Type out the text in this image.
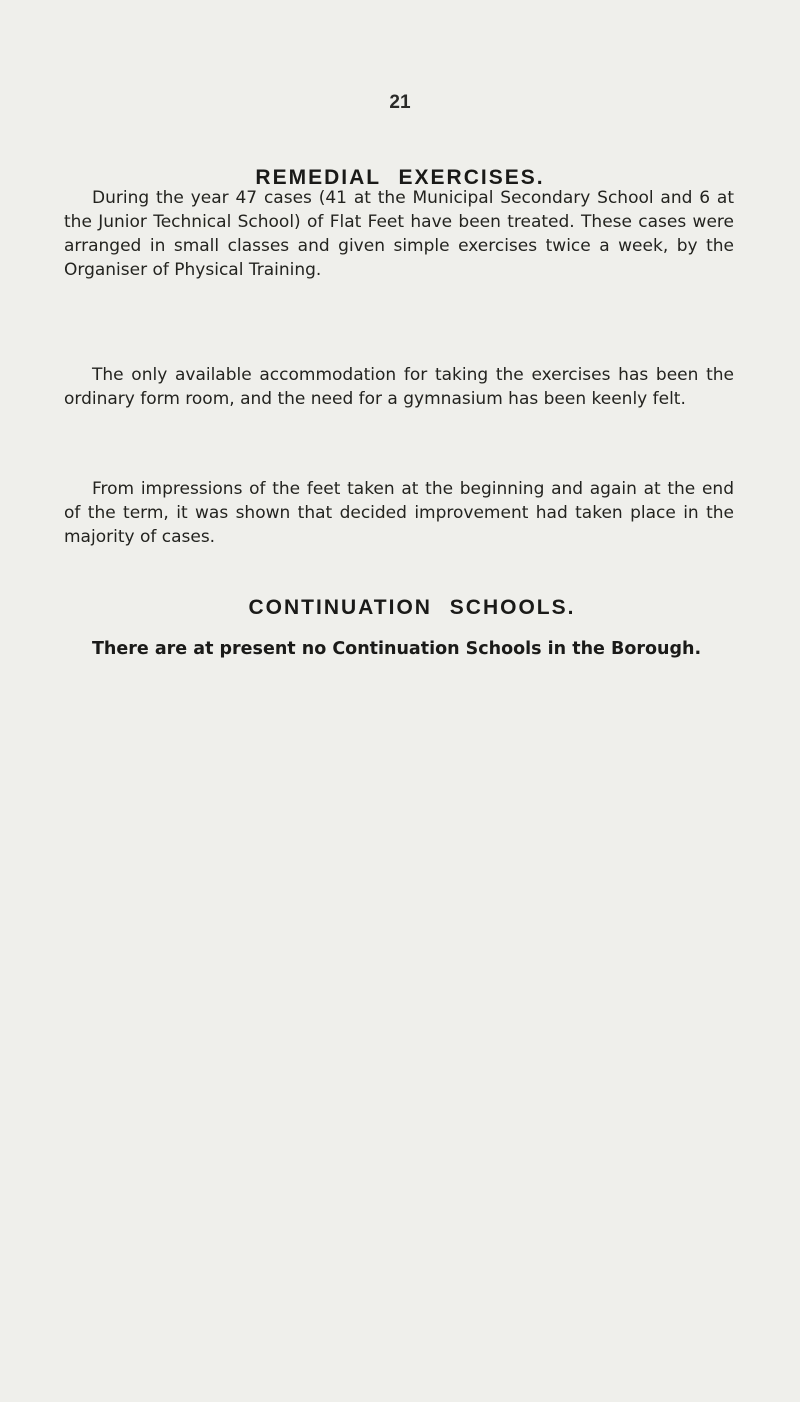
21
REMEDIAL EXERCISES.

During the year 47 cases (41 at the Municipal Secondary School and 6 at the Junior Technical School) of Flat Feet have been treated. These cases were arranged in small classes and given simple exercises twice a week, by the Organiser of Physical Training.

The only available accommodation for taking the exercises has been the ordinary form room, and the need for a gymnasium has been keenly felt.

From impressions of the feet taken at the beginning and again at the end of the term, it was shown that decided improvement had taken place in the majority of cases.

CONTINUATION SCHOOLS.

There are at present no Continuation Schools in the Borough.
